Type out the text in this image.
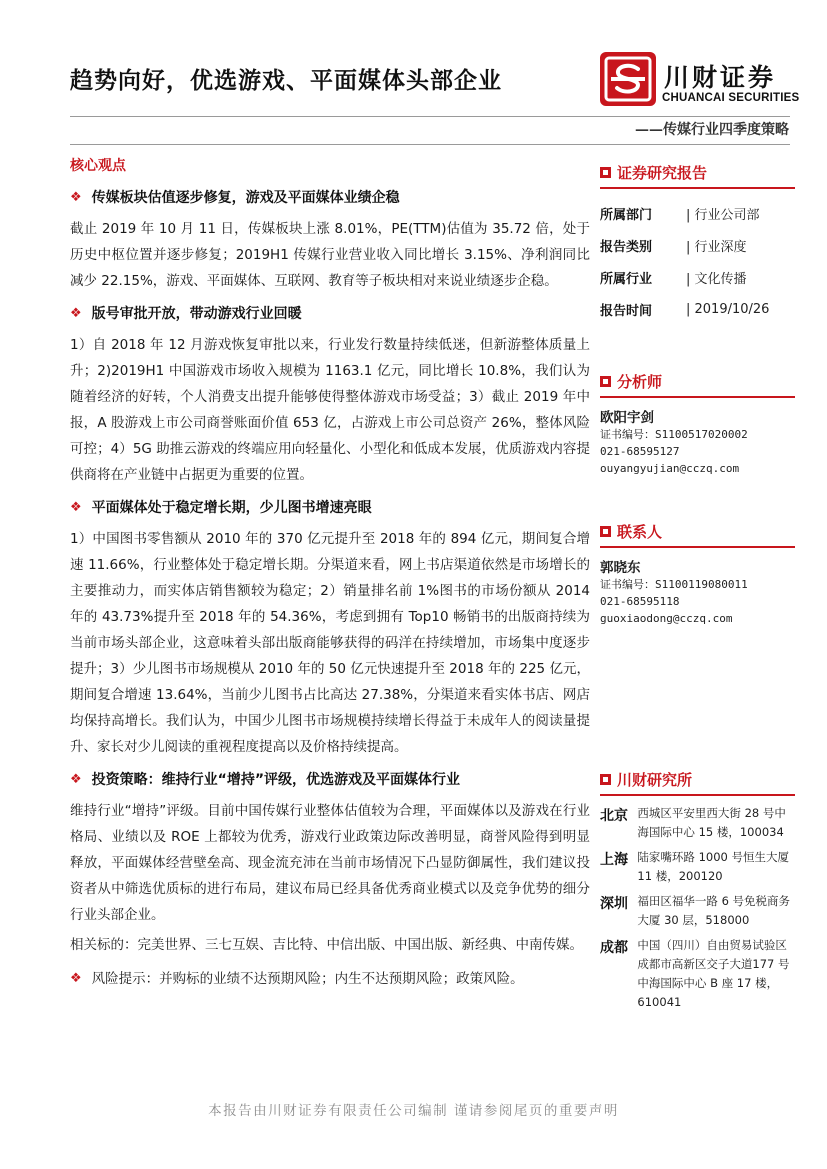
趋势向好，优选游戏、平面媒体头部企业	川财证券
CHUANCAI SECURITIES
——传媒行业四季度策略
核心观点
❖ 传媒板块估值逐步修复，游戏及平面媒体业绩企稳

截止 2019 年 10 月 11 日，传媒板块上涨 8.01%，PE(TTM)估值为 35.72 倍，处于历史中枢位置并逐步修复；2019H1 传媒行业营业收入同比增长 3.15%、净利润同比减少 22.15%，游戏、平面媒体、互联网、教育等子板块相对来说业绩逐步企稳。

❖ 版号审批开放，带动游戏行业回暖

1）自 2018 年 12 月游戏恢复审批以来，行业发行数量持续低迷，但新游整体质量上升；2)2019H1 中国游戏市场收入规模为 1163.1 亿元，同比增长 10.8%，我们认为随着经济的好转，个人消费支出提升能够使得整体游戏市场受益；3）截止 2019 年中报，A 股游戏上市公司商誉账面价值 653 亿，占游戏上市公司总资产 26%，整体风险可控；4）5G 助推云游戏的终端应用向轻量化、小型化和低成本发展，优质游戏内容提供商将在产业链中占据更为重要的位置。

❖ 平面媒体处于稳定增长期，少儿图书增速亮眼

1）中国图书零售额从 2010 年的 370 亿元提升至 2018 年的 894 亿元，期间复合增速 11.66%，行业整体处于稳定增长期。分渠道来看，网上书店渠道依然是市场增长的主要推动力，而实体店销售额较为稳定；2）销量排名前 1%图书的市场份额从 2014 年的 43.73%提升至 2018 年的 54.36%，考虑到拥有 Top10 畅销书的出版商持续为当前市场头部企业，这意味着头部出版商能够获得的码洋在持续增加，市场集中度逐步提升；3）少儿图书市场规模从 2010 年的 50 亿元快速提升至 2018 年的 225 亿元，期间复合增速 13.64%，当前少儿图书占比高达 27.38%，分渠道来看实体书店、网店均保持高增长。我们认为，中国少儿图书市场规模持续增长得益于未成年人的阅读量提升、家长对少儿阅读的重视程度提高以及价格持续提高。

❖ 投资策略：维持行业“增持”评级，优选游戏及平面媒体行业

维持行业“增持”评级。目前中国传媒行业整体估值较为合理，平面媒体以及游戏在行业格局、业绩以及 ROE 上都较为优秀，游戏行业政策边际改善明显，商誉风险得到明显释放，平面媒体经营壁垒高、现金流充沛在当前市场情况下凸显防御属性，我们建议投资者从中筛选优质标的进行布局，建议布局已经具备优秀商业模式以及竞争优势的细分行业头部企业。

相关标的：完美世界、三七互娱、吉比特、中信出版、中国出版、新经典、中南传媒。

❖ 风险提示：并购标的业绩不达预期风险；内生不达预期风险；政策风险。
证券研究报告
所属部门	| 行业公司部
报告类别	| 行业深度
所属行业	| 文化传播
报告时间	| 2019/10/26
分析师
欧阳宇剑
证书编号：S1100517020002
021-68595127
ouyangyujian@cczq.com
联系人
郭晓东
证书编号：S1100119080011
021-68595118
guoxiaodong@cczq.com
川财研究所
北京 西城区平安里西大街 28 号中海国际中心 15 楼，100034
上海 陆家嘴环路 1000 号恒生大厦 11 楼，200120
深圳 福田区福华一路 6 号免税商务大厦 30 层，518000
成都 中国（四川）自由贸易试验区成都市高新区交子大道177 号中海国际中心 B 座 17 楼，610041
本报告由川财证券有限责任公司编制 谨请参阅尾页的重要声明
